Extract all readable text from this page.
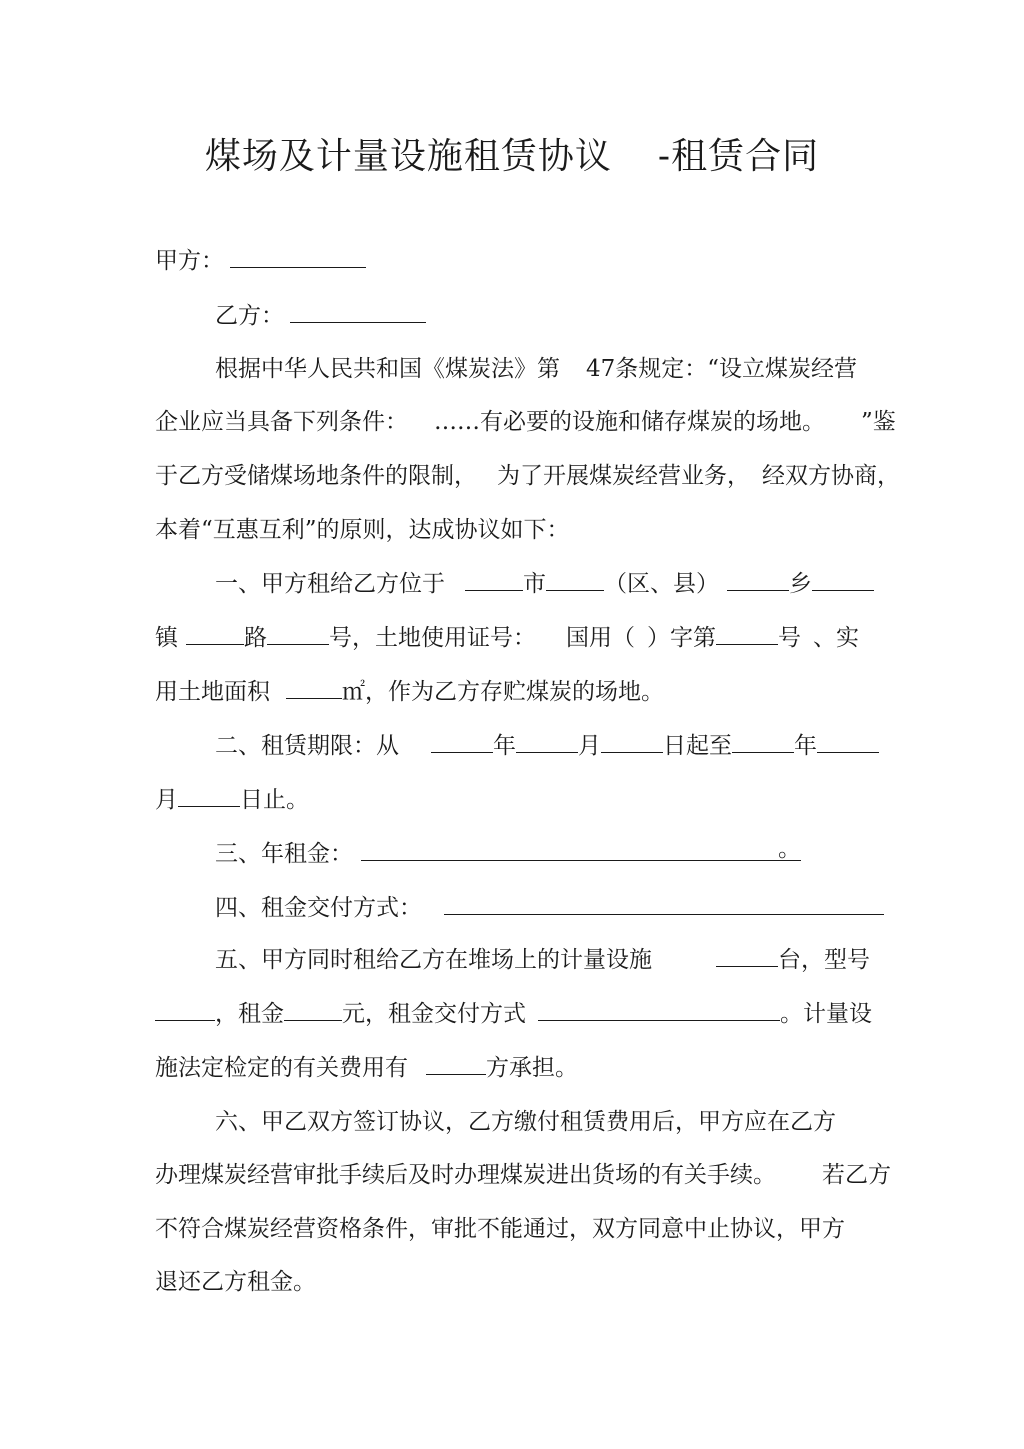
煤场及计量设施租赁协议 -租赁合同
甲方：
乙方：
根据中华人民共和国《煤炭法》第 47条规定：“设立煤炭经营
企业应当具备下列条件： ……有必要的设施和储存煤炭的场地。 ”鉴
于乙方受储煤场地条件的限制， 为了开展煤炭经营业务， 经双方协商，
本着“互惠互利”的原则，达成协议如下：
一、甲方租给乙方位于	市	（区、县）	乡
镇	路	号，土地使用证号： 国用（ ）字第	号 、实
用土地面积	㎡，作为乙方存贮煤炭的场地。
二、租赁期限：从	年	月	日起至	年
月	日止。
三、年租金：	。
四、租金交付方式：
五、甲方同时租给乙方在堆场上的计量设施	台，型号
，租金	元，租金交付方式	。计量设
施法定检定的有关费用有	方承担。
六、甲乙双方签订协议，乙方缴付租赁费用后，甲方应在乙方
办理煤炭经营审批手续后及时办理煤炭进出货场的有关手续。 若乙方
不符合煤炭经营资格条件，审批不能通过，双方同意中止协议，甲方
退还乙方租金。
